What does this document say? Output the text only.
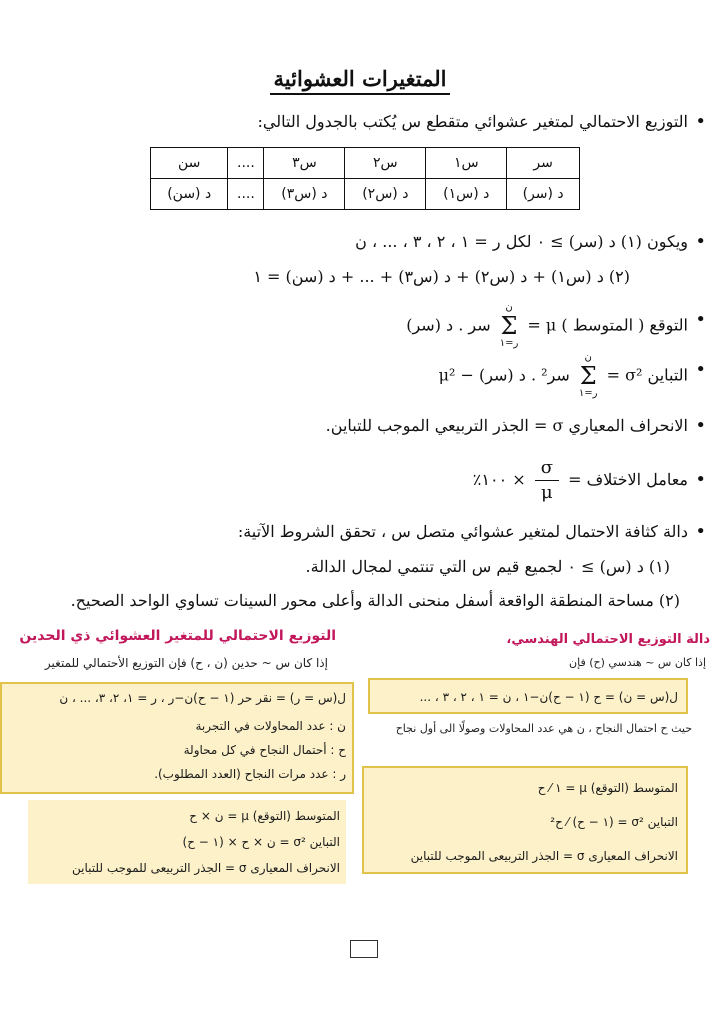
المتغيرات العشوائية
• التوزيع الاحتمالي لمتغير عشوائي متقطع س يُكتب بالجدول التالي:
سر	س١	س٢	س٣	....	سن
د (سر)	د (س١)	د (س٢)	د (س٣)	....	د (سن)
• ويكون (١) د (سر) ≥ ٠ لكل ر = ١ ، ٢ ، ٣ ، ... ، ن
(٢) د (س١) + د (س٢) + د (س٣) + ... + د (سن) = ١
• التوقع ( المتوسط ) μ = ن
Σ
ر=١ سر . د (سر)
• التباين σ² = ن
Σ
ر=١ سر² . د (سر) − μ²
• الانحراف المعياري σ = الجذر التربيعي الموجب للتباين.
• معامل الاختلاف =
$\frac{\sigma}{\mu}$
× ١٠٠٪
• دالة كثافة الاحتمال لمتغير عشوائي متصل س ، تحقق الشروط الآتية:
(١) د (س) ≥ ٠ لجميع قيم س التي تنتمي لمجال الدالة.
(٢) مساحة المنطقة الواقعة أسفل منحنى الدالة وأعلى محور السينات تساوي الواحد الصحيح.
التوزيع الاحتمالي للمتغير العشوائي ذي الحدين
إذا كان س ~ حدين (ن ، ح) فإن التوزيع الأحتمالي للمتغير
ل(س = ر) = نقر حر (١ − ح)ن−ر ، ر = ١، ٢، ٣، ... ، ن
ن : عدد المحاولات في التجربة
ح : أحتمال النجاح في كل محاولة
ر : عدد مرات النجاح (العدد المطلوب).
المتوسط (التوقع) μ = ن × ح
التباين σ² = ن × ح × (١ − ح)
الانحراف المعيارى σ = الجذر التربيعى للموجب للتباين
دالة التوزيع الاحتمالي الهندسي،
إذا كان س ~ هندسي (ح) فإن
ل(س = ن) = ح (١ − ح)ن−١ ، ن = ١ ، ٢ ، ٣ ، ...
حيث ح احتمال النجاح ، ن هي عدد المحاولات وصولًا الى أول نجاح
المتوسط (التوقع) μ = ١ ⁄ ح
التباين σ² = (١ − ح) ⁄ ح²
الانحراف المعيارى σ = الجذر التربيعى الموجب للتباين
